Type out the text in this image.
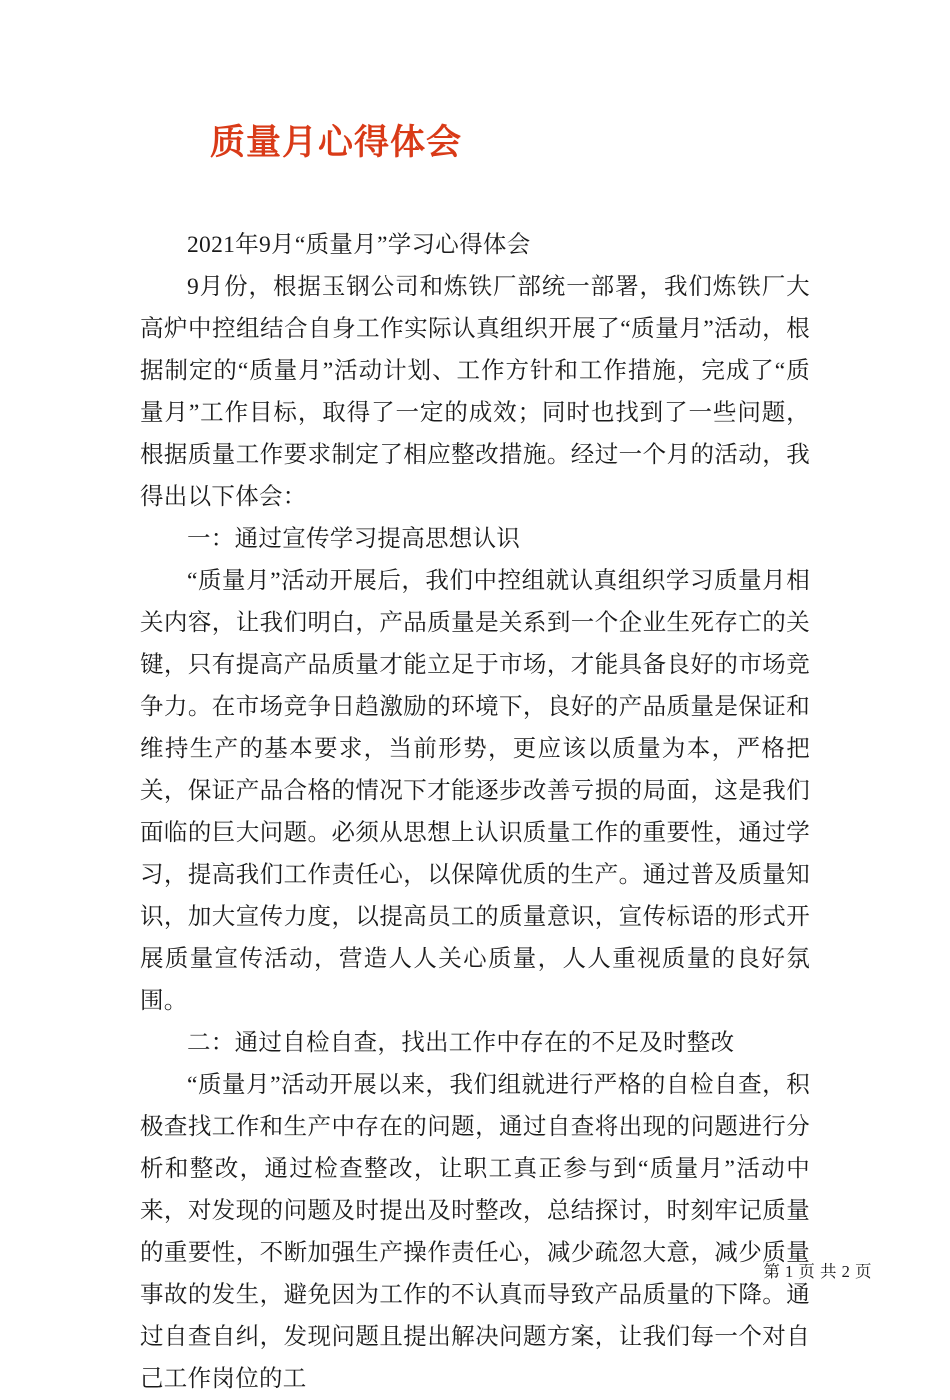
质量月心得体会

2021年9月“质量月”学习心得体会

9月份，根据玉钢公司和炼铁厂部统一部署，我们炼铁厂大高炉中控组结合自身工作实际认真组织开展了“质量月”活动，根据制定的“质量月”活动计划、工作方针和工作措施，完成了“质量月”工作目标，取得了一定的成效；同时也找到了一些问题，根据质量工作要求制定了相应整改措施。经过一个月的活动，我得出以下体会：

一：通过宣传学习提高思想认识

“质量月”活动开展后，我们中控组就认真组织学习质量月相关内容，让我们明白，产品质量是关系到一个企业生死存亡的关键，只有提高产品质量才能立足于市场，才能具备良好的市场竞争力。在市场竞争日趋激励的环境下，良好的产品质量是保证和维持生产的基本要求，当前形势，更应该以质量为本，严格把关，保证产品合格的情况下才能逐步改善亏损的局面，这是我们面临的巨大问题。必须从思想上认识质量工作的重要性，通过学习，提高我们工作责任心，以保障优质的生产。通过普及质量知识，加大宣传力度，以提高员工的质量意识，宣传标语的形式开展质量宣传活动，营造人人关心质量，人人重视质量的良好氛围。

二：通过自检自查，找出工作中存在的不足及时整改

“质量月”活动开展以来，我们组就进行严格的自检自查，积极查找工作和生产中存在的问题，通过自查将出现的问题进行分析和整改，通过检查整改，让职工真正参与到“质量月”活动中来，对发现的问题及时提出及时整改，总结探讨，时刻牢记质量的重要性，不断加强生产操作责任心，减少疏忽大意，减少质量事故的发生，避免因为工作的不认真而导致产品质量的下降。通过自查自纠，发现问题且提出解决问题方案，让我们每一个对自己工作岗位的工

第 1 页 共 2 页
